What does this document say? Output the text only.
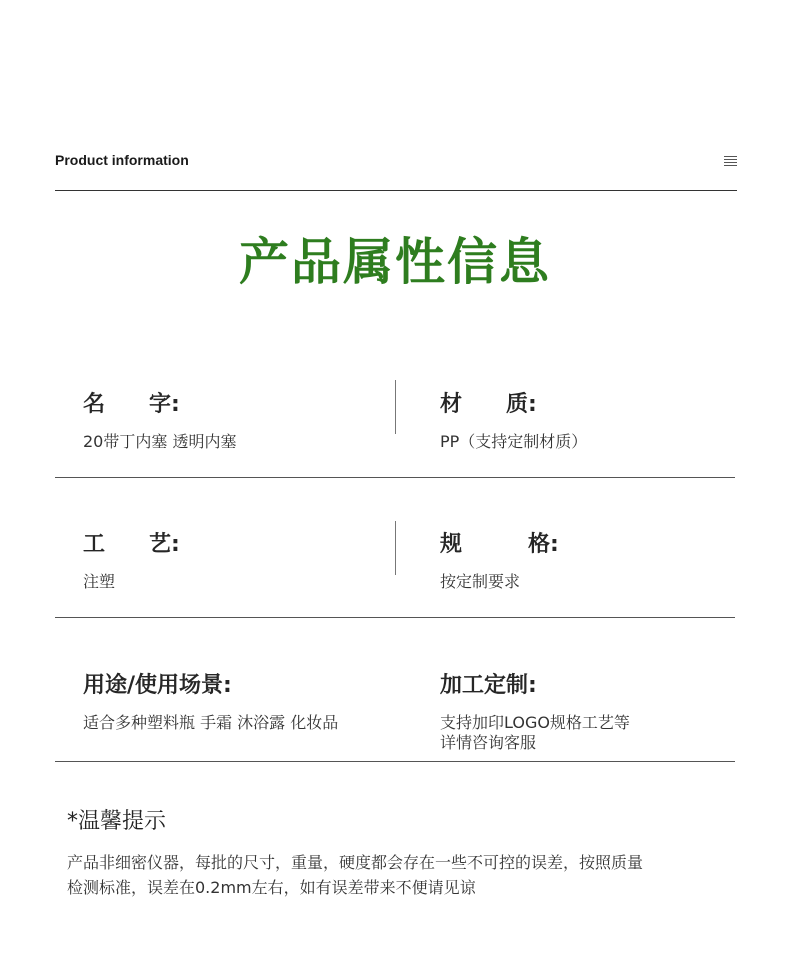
Product information
产品属性信息
名　　字:
20带丁内塞 透明内塞
材　　质:
PP（支持定制材质）
工　　艺:
注塑
规　　　格:
按定制要求
用途/使用场景:
适合多种塑料瓶 手霜 沐浴露 化妆品
加工定制:
支持加印LOGO规格工艺等
详情咨询客服
*温馨提示
产品非细密仪器，每批的尺寸，重量，硬度都会存在一些不可控的误差，按照质量
检测标准，误差在0.2mm左右，如有误差带来不便请见谅
